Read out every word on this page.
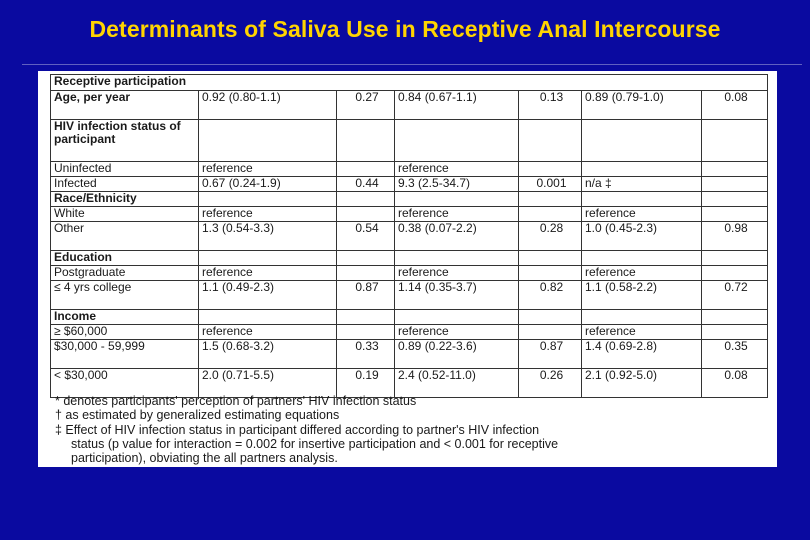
Determinants of Saliva Use in Receptive Anal Intercourse
Receptive participation						
Age, per year	0.92 (0.80-1.1)	0.27	0.84 (0.67-1.1)	0.13	0.89 (0.79-1.0)	0.08
HIV infection status of participant						
Uninfected	reference		reference			
Infected	0.67 (0.24-1.9)	0.44	9.3 (2.5-34.7)	0.001	n/a ‡	
Race/Ethnicity						
White	reference		reference		reference	
Other	1.3 (0.54-3.3)	0.54	0.38 (0.07-2.2)	0.28	1.0 (0.45-2.3)	0.98
Education						
Postgraduate	reference		reference		reference	
≤ 4 yrs college	1.1 (0.49-2.3)	0.87	1.14 (0.35-3.7)	0.82	1.1 (0.58-2.2)	0.72
Income						
≥ $60,000	reference		reference		reference	
$30,000 - 59,999	1.5 (0.68-3.2)	0.33	0.89 (0.22-3.6)	0.87	1.4 (0.69-2.8)	0.35
< $30,000	2.0 (0.71-5.5)	0.19	2.4 (0.52-11.0)	0.26	2.1 (0.92-5.0)	0.08
* denotes participants' perception of partners' HIV infection status
† as estimated by generalized estimating equations
‡ Effect of HIV infection status in participant differed according to partner's HIV infection
status (p value for interaction = 0.002 for insertive participation and < 0.001 for receptive
participation), obviating the all partners analysis.
